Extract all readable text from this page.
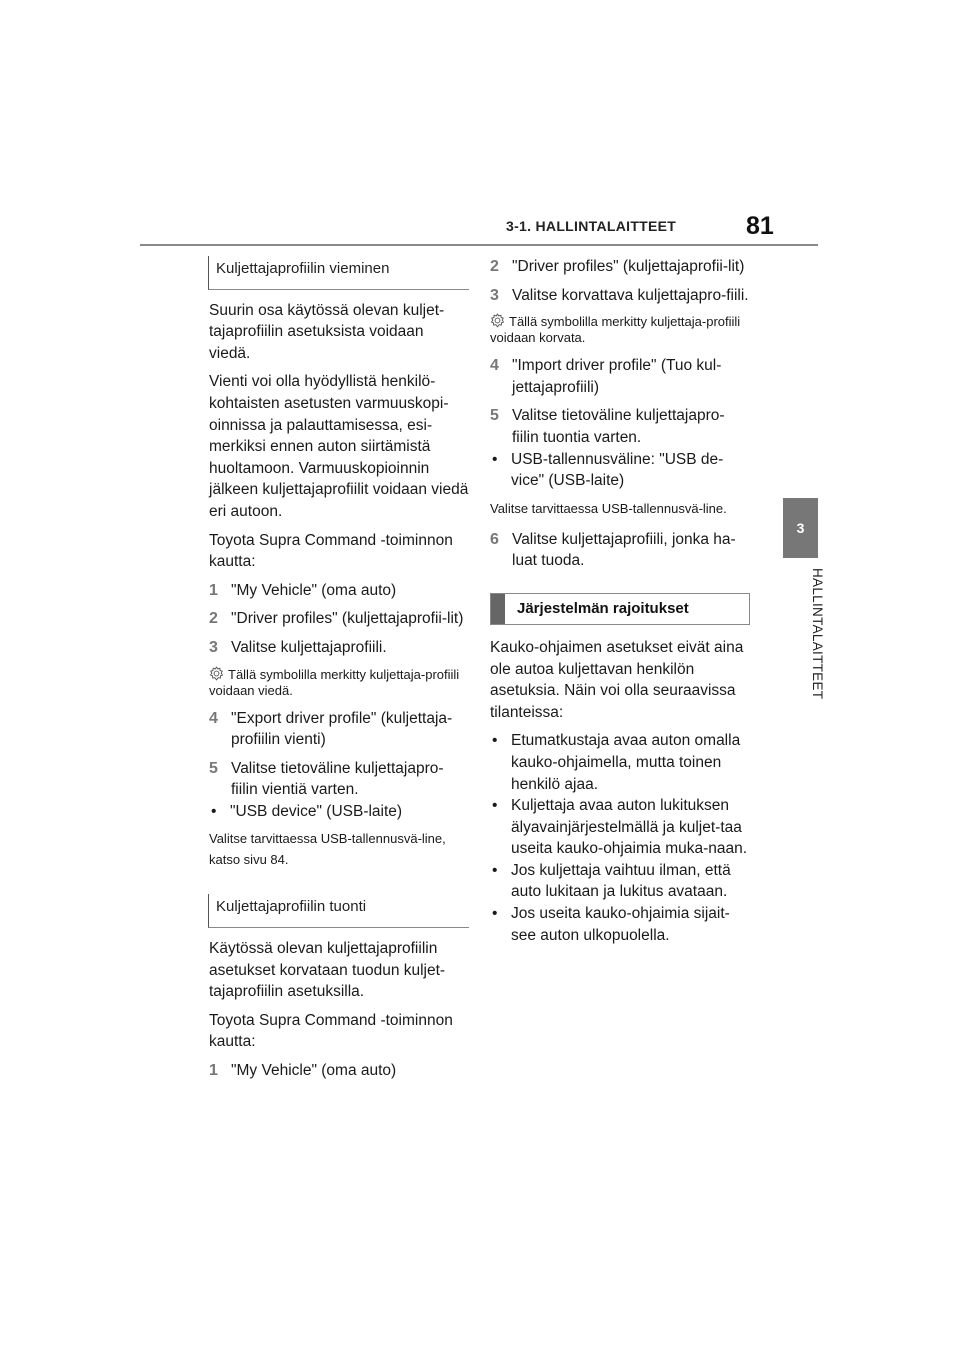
3-1. HALLINTALAITTEET	81
3
HALLINTALAITTEET
Kuljettajaprofiilin vieminen

Suurin osa käytössä olevan kuljet-tajaprofiilin asetuksista voidaan viedä.

Vienti voi olla hyödyllistä henkilö-kohtaisten asetusten varmuuskopi-oinnissa ja palauttamisessa, esi-merkiksi ennen auton siirtämistä huoltamoon. Varmuuskopioinnin jälkeen kuljettajaprofiilit voidaan viedä eri autoon.

Toyota Supra Command -toiminnon kautta:

1 "My Vehicle" (oma auto)
2 "Driver profiles" (kuljettajaprofii-lit)
3 Valitse kuljettajaprofiili.
Tällä symbolilla merkitty kuljettaja-profiili voidaan viedä.
4 "Export driver profile" (kuljettaja-profiilin vienti)
5 Valitse tietoväline kuljettajapro-fiilin vientiä varten.
• "USB device" (USB-laite)
Valitse tarvittaessa USB-tallennusvä-line, katso sivu 84.
Kuljettajaprofiilin tuonti

Käytössä olevan kuljettajaprofiilin asetukset korvataan tuodun kuljet-tajaprofiilin asetuksilla.

Toyota Supra Command -toiminnon kautta:

1 "My Vehicle" (oma auto)
2 "Driver profiles" (kuljettajaprofii-lit)
3 Valitse korvattava kuljettajapro-fiili.
Tällä symbolilla merkitty kuljettaja-profiili voidaan korvata.
4 "Import driver profile" (Tuo kul-jettajaprofiili)
5 Valitse tietoväline kuljettajapro-fiilin tuontia varten.
• USB-tallennusväline: "USB de-vice" (USB-laite)
Valitse tarvittaessa USB-tallennusvä-line.
6 Valitse kuljettajaprofiili, jonka ha-luat tuoda.
Järjestelmän rajoitukset

Kauko-ohjaimen asetukset eivät aina ole autoa kuljettavan henkilön asetuksia. Näin voi olla seuraavissa tilanteissa:

• Etumatkustaja avaa auton omalla kauko-ohjaimella, mutta toinen henkilö ajaa.
• Kuljettaja avaa auton lukituksen älyavainjärjestelmällä ja kuljet-taa useita kauko-ohjaimia muka-naan.
• Jos kuljettaja vaihtuu ilman, että auto lukitaan ja lukitus avataan.
• Jos useita kauko-ohjaimia sijait-see auton ulkopuolella.
